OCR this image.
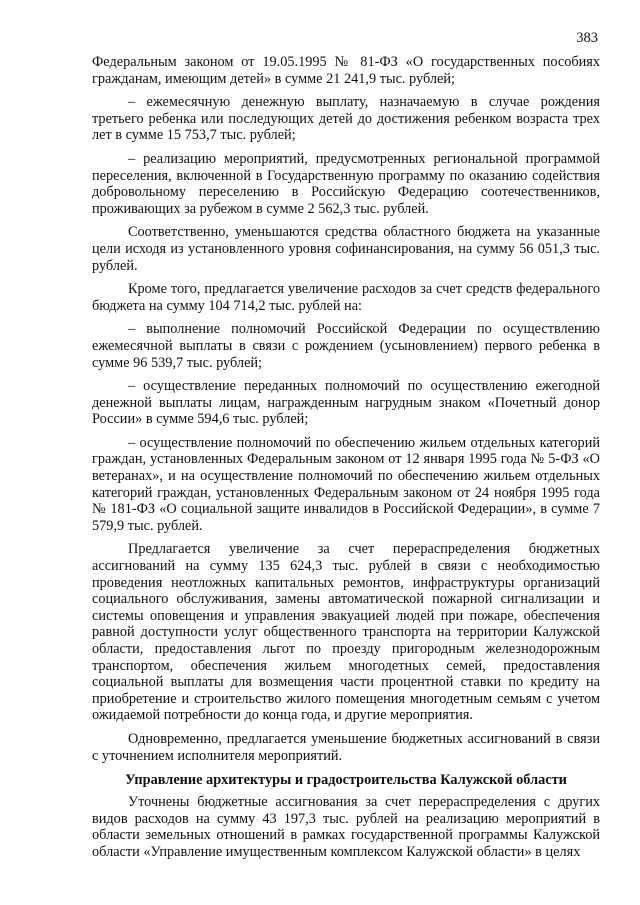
383

Федеральным законом от 19.05.1995 № 81-ФЗ «О государственных пособиях гражданам, имеющим детей» в сумме 21 241,9 тыс. рублей;

– ежемесячную денежную выплату, назначаемую в случае рождения третьего ребенка или последующих детей до достижения ребенком возраста трех лет в сумме 15 753,7 тыс. рублей;

– реализацию мероприятий, предусмотренных региональной программой переселения, включенной в Государственную программу по оказанию содействия добровольному переселению в Российскую Федерацию соотечественников, проживающих за рубежом в сумме 2 562,3 тыс. рублей.

Соответственно, уменьшаются средства областного бюджета на указанные цели исходя из установленного уровня софинансирования, на сумму 56 051,3 тыс. рублей.

Кроме того, предлагается увеличение расходов за счет средств федерального бюджета на сумму 104 714,2 тыс. рублей на:

– выполнение полномочий Российской Федерации по осуществлению ежемесячной выплаты в связи с рождением (усыновлением) первого ребенка в сумме 96 539,7 тыс. рублей;

– осуществление переданных полномочий по осуществлению ежегодной денежной выплаты лицам, награжденным нагрудным знаком «Почетный донор России» в сумме 594,6 тыс. рублей;

– осуществление полномочий по обеспечению жильем отдельных категорий граждан, установленных Федеральным законом от 12 января 1995 года № 5-ФЗ «О ветеранах», и на осуществление полномочий по обеспечению жильем отдельных категорий граждан, установленных Федеральным законом от 24 ноября 1995 года № 181-ФЗ «О социальной защите инвалидов в Российской Федерации», в сумме 7 579,9 тыс. рублей.

Предлагается увеличение за счет перераспределения бюджетных ассигнований на сумму 135 624,3 тыс. рублей в связи с необходимостью проведения неотложных капитальных ремонтов, инфраструктуры организаций социального обслуживания, замены автоматической пожарной сигнализации и системы оповещения и управления эвакуацией людей при пожаре, обеспечения равной доступности услуг общественного транспорта на территории Калужской области, предоставления льгот по проезду пригородным железнодорожным транспортом, обеспечения жильем многодетных семей, предоставления социальной выплаты для возмещения части процентной ставки по кредиту на приобретение и строительство жилого помещения многодетным семьям с учетом ожидаемой потребности до конца года, и другие мероприятия.

Одновременно, предлагается уменьшение бюджетных ассигнований в связи с уточнением исполнителя мероприятий.

Управление архитектуры и градостроительства Калужской области

Уточнены бюджетные ассигнования за счет перераспределения с других видов расходов на сумму 43 197,3 тыс. рублей на реализацию мероприятий в области земельных отношений в рамках государственной программы Калужской области «Управление имущественным комплексом Калужской области» в целях
